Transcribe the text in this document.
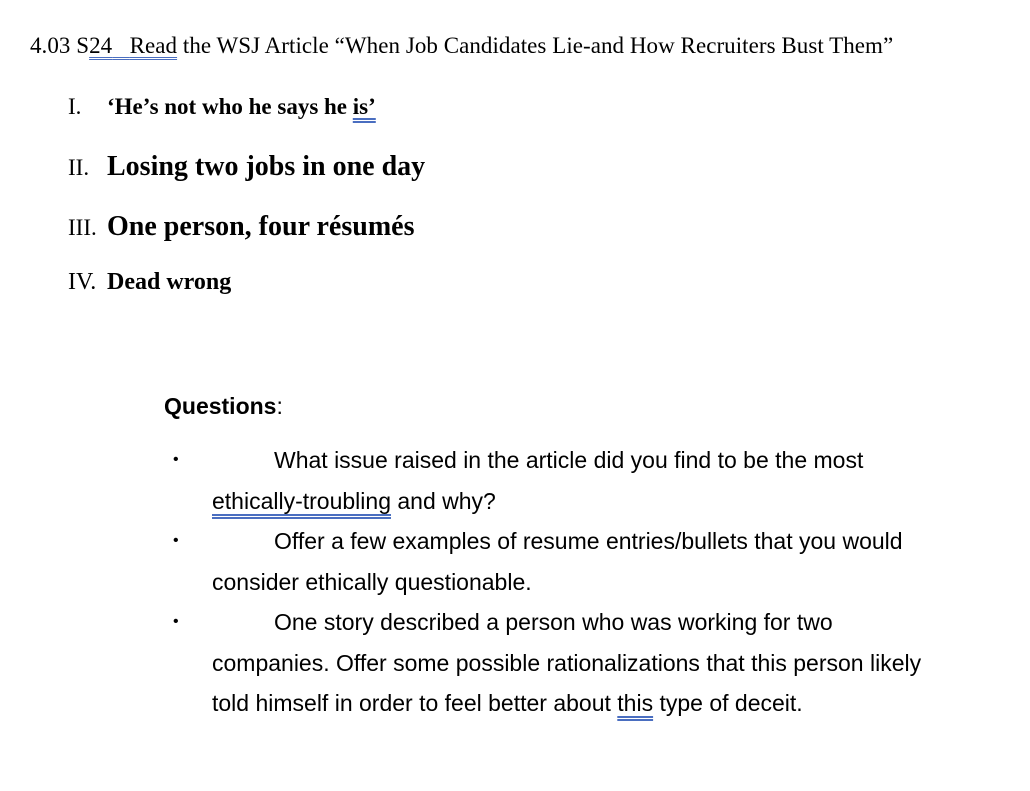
4.03 S24 Read the WSJ Article “When Job Candidates Lie-and How Recruiters Bust Them”
I. ‘He’s not who he says he is’
II. Losing two jobs in one day
III. One person, four résumés
IV. Dead wrong
Questions:
•	What issue raised in the article did you find to be the most ethically-troubling and why?
•	Offer a few examples of resume entries/bullets that you would consider ethically questionable.
•	One story described a person who was working for two companies. Offer some possible rationalizations that this person likely told himself in order to feel better about this type of deceit.
